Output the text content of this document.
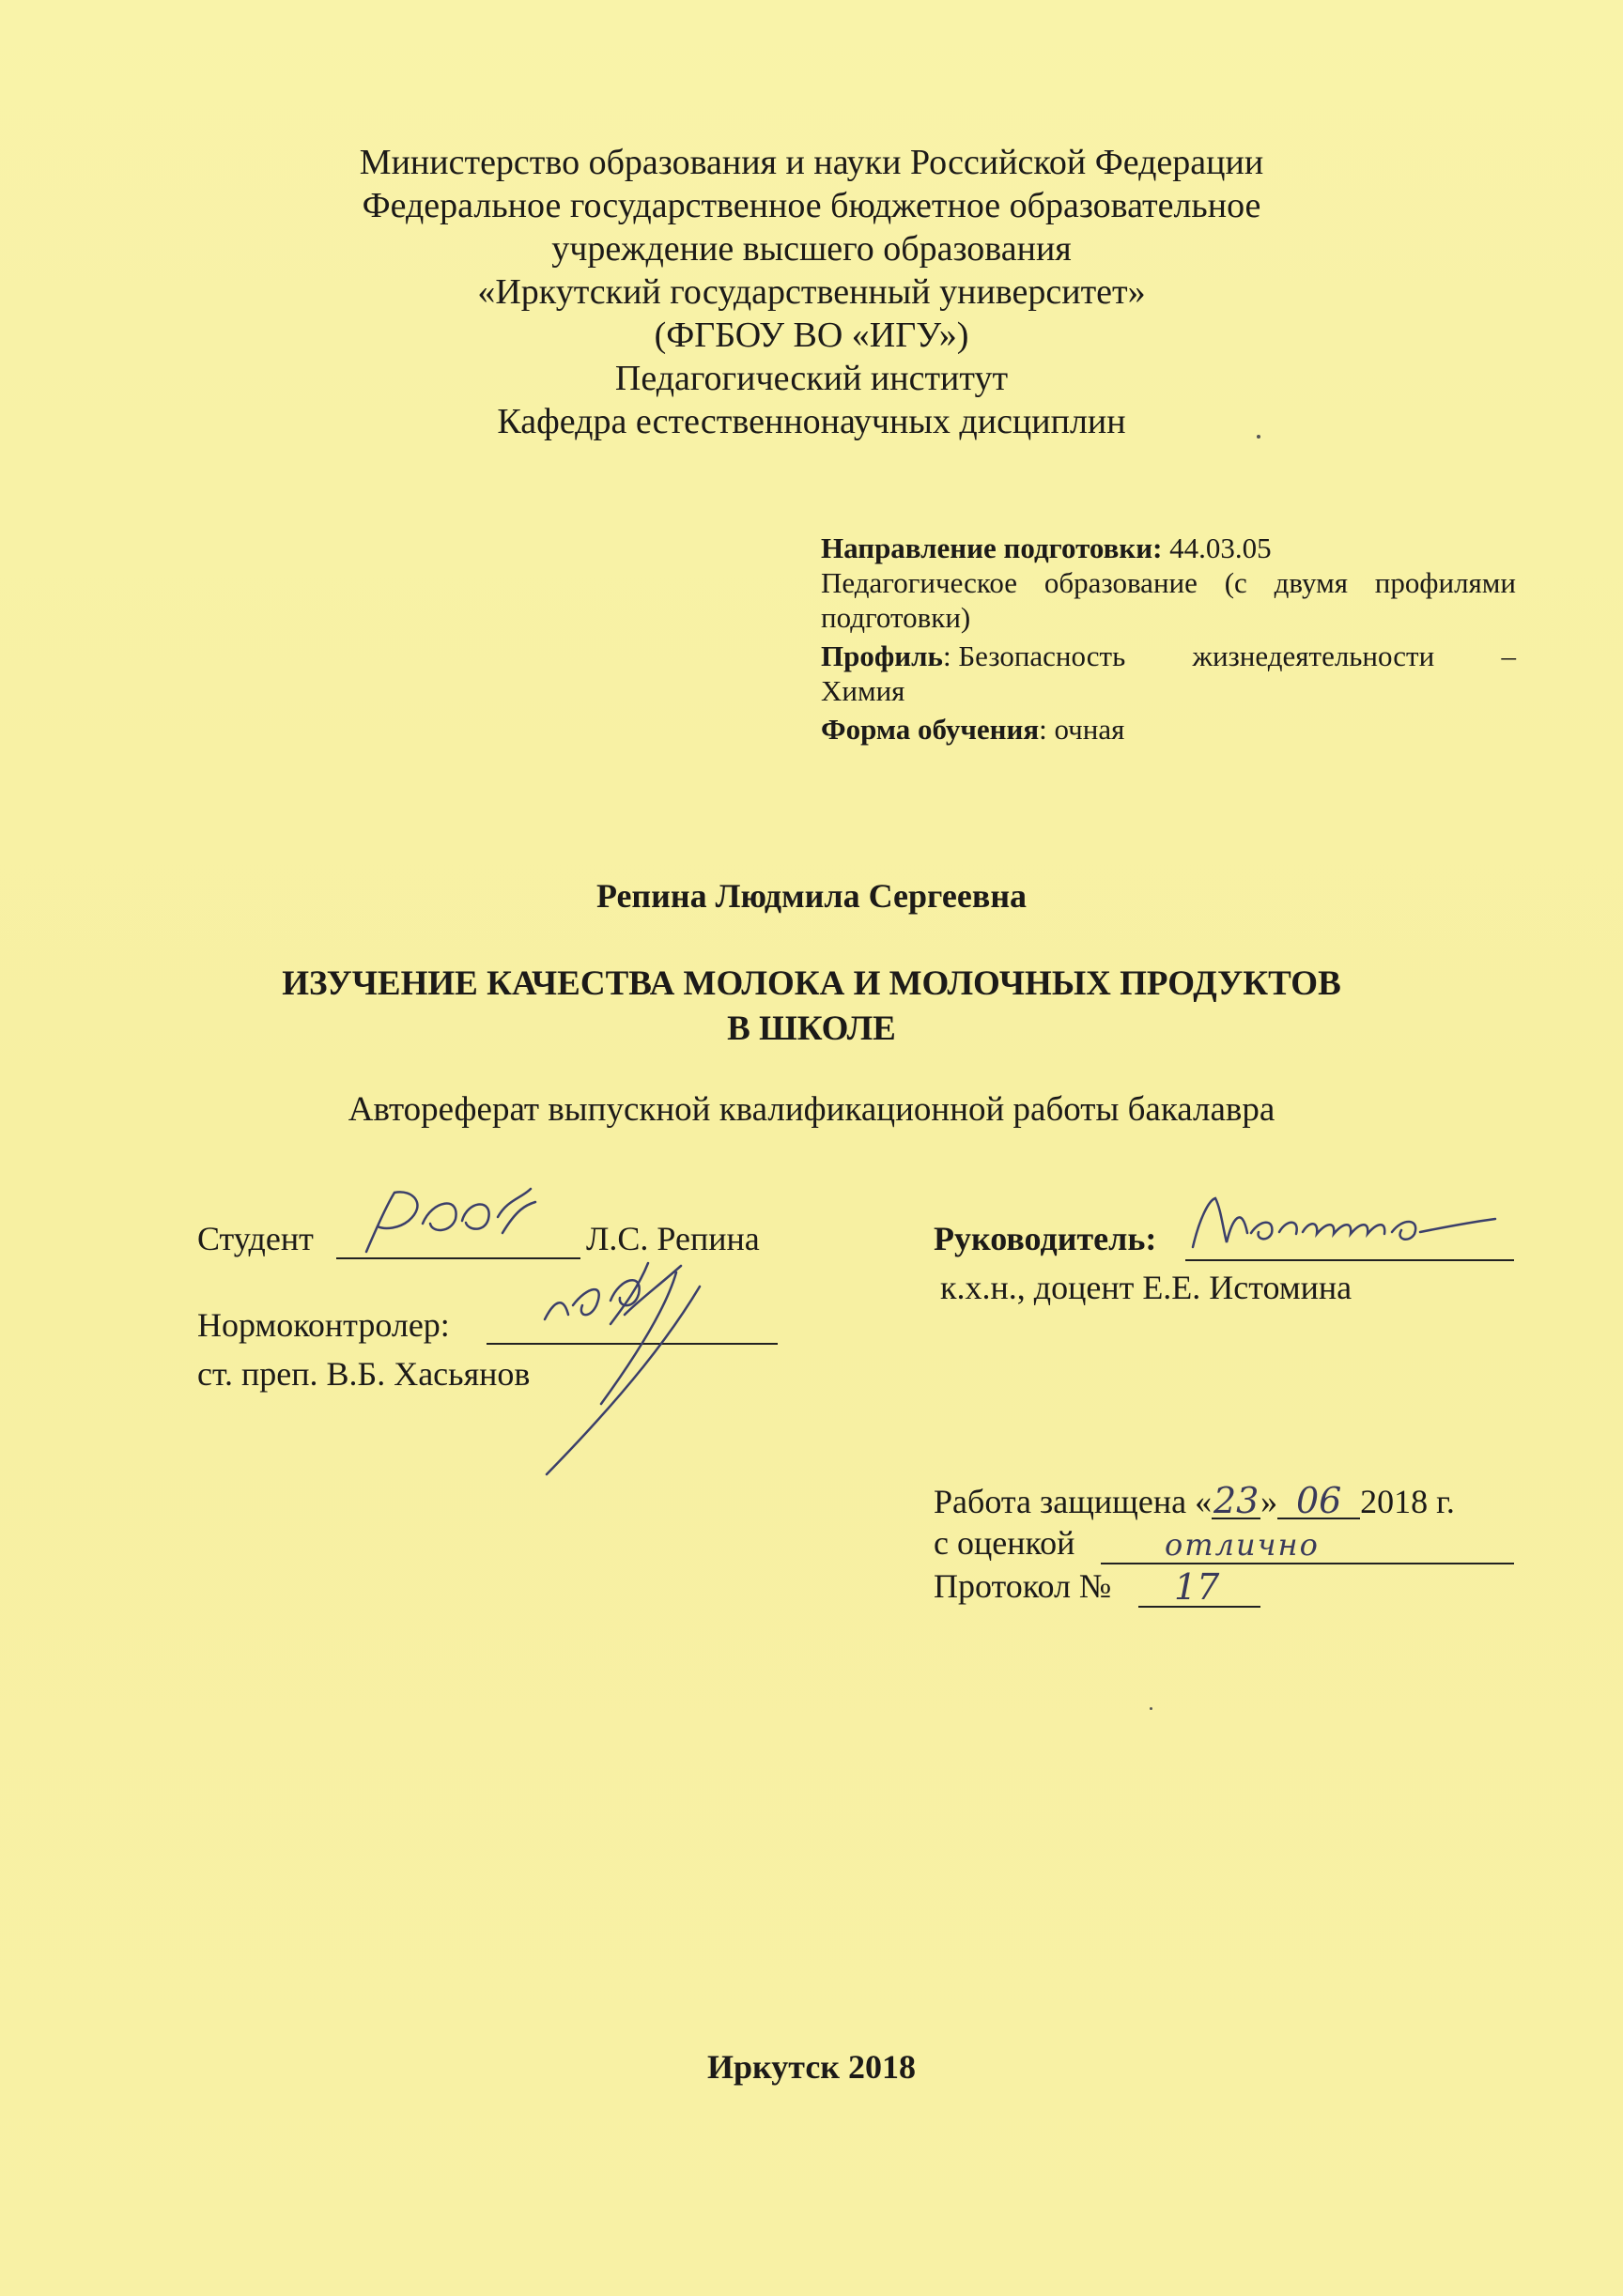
Министерство образования и науки Российской Федерации
Федеральное государственное бюджетное образовательное
учреждение высшего образования
«Иркутский государственный университет»
(ФГБОУ ВО «ИГУ»)
Педагогический институт
Кафедра естественнонаучных дисциплин
Направление подготовки: 44.03.05
Педагогическое образование (с двумя профилями
подготовки)
Профиль: Безопасность жизнедеятельности –
Химия
Форма обучения: очная
Репина Людмила Сергеевна
ИЗУЧЕНИЕ КАЧЕСТВА МОЛОКА И МОЛОЧНЫХ ПРОДУКТОВ
В ШКОЛЕ
Автореферат выпускной квалификационной работы бакалавра
Студент	Л.С. Репина
Нормоконтролер:
ст. преп. В.Б. Хасьянов
Руководитель:
к.х.н., доцент Е.Е. Истомина
Работа защищена «23» 06 2018 г.
с оценкой	отлично
Протокол № 17
Иркутск 2018
